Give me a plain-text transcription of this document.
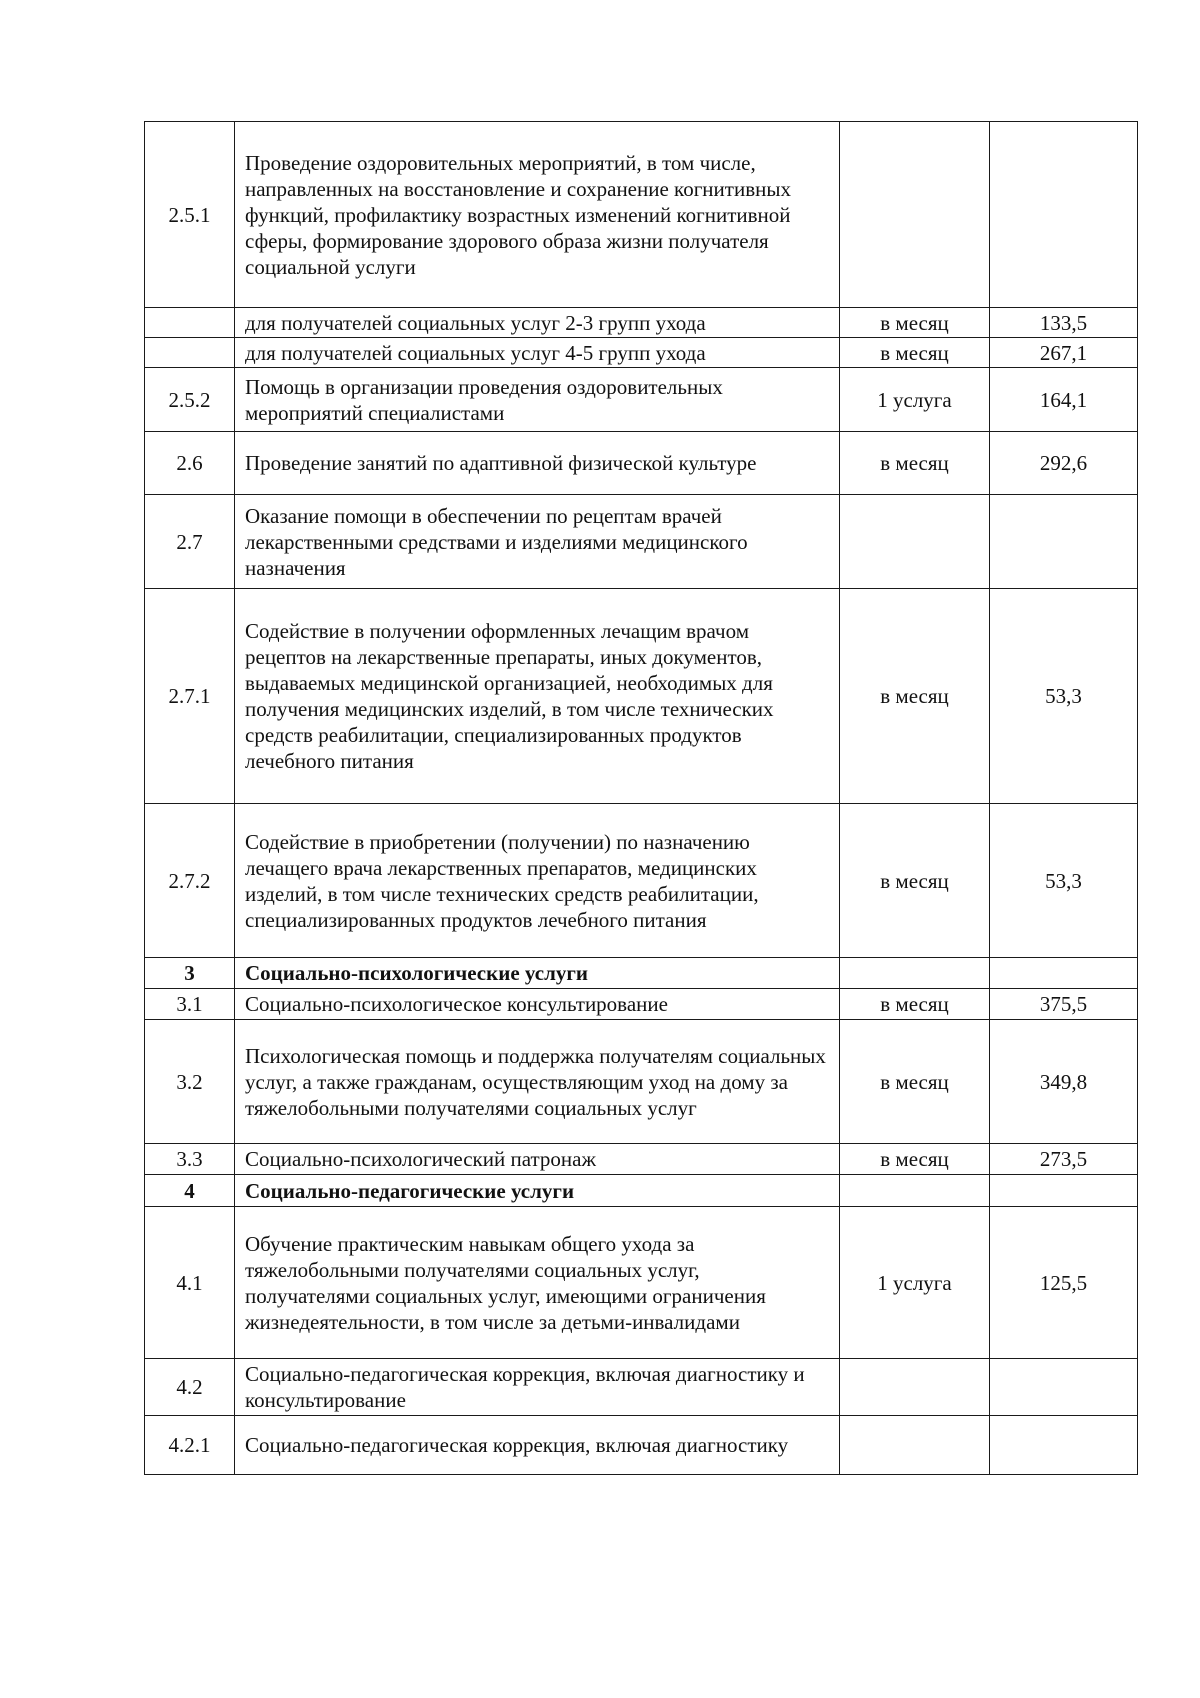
2.5.1	Проведение оздоровительных мероприятий, в том числе, направленных на восстановление и сохранение когнитивных функций, профилактику возрастных изменений когнитивной сферы, формирование здорового образа жизни получателя социальной услуги		
	для получателей социальных услуг 2-3 групп ухода	в месяц	133,5
	для получателей социальных услуг 4-5 групп ухода	в месяц	267,1
2.5.2	Помощь в организации проведения оздоровительных мероприятий специалистами	1 услуга	164,1
2.6	Проведение занятий по адаптивной физической культуре	в месяц	292,6
2.7	Оказание помощи в обеспечении по рецептам врачей лекарственными средствами и изделиями медицинского назначения		
2.7.1	Содействие в получении оформленных лечащим врачом рецептов на лекарственные препараты, иных документов, выдаваемых медицинской организацией, необходимых для получения медицинских изделий, в том числе технических средств реабилитации, специализированных продуктов лечебного питания	в месяц	53,3
2.7.2	Содействие в приобретении (получении) по назначению лечащего врача лекарственных препаратов, медицинских изделий, в том числе технических средств реабилитации, специализированных продуктов лечебного питания	в месяц	53,3
3	Социально-психологические услуги		
3.1	Социально-психологическое консультирование	в месяц	375,5
3.2	Психологическая помощь и поддержка получателям социальных услуг, а также гражданам, осуществляющим уход на дому за тяжелобольными получателями социальных услуг	в месяц	349,8
3.3	Социально-психологический патронаж	в месяц	273,5
4	Социально-педагогические услуги		
4.1	Обучение практическим навыкам общего ухода за тяжелобольными получателями социальных услуг, получателями социальных услуг, имеющими ограничения жизнедеятельности, в том числе за детьми-инвалидами	1 услуга	125,5
4.2	Социально-педагогическая коррекция, включая диагностику и консультирование		
4.2.1	Социально-педагогическая коррекция, включая диагностику		
